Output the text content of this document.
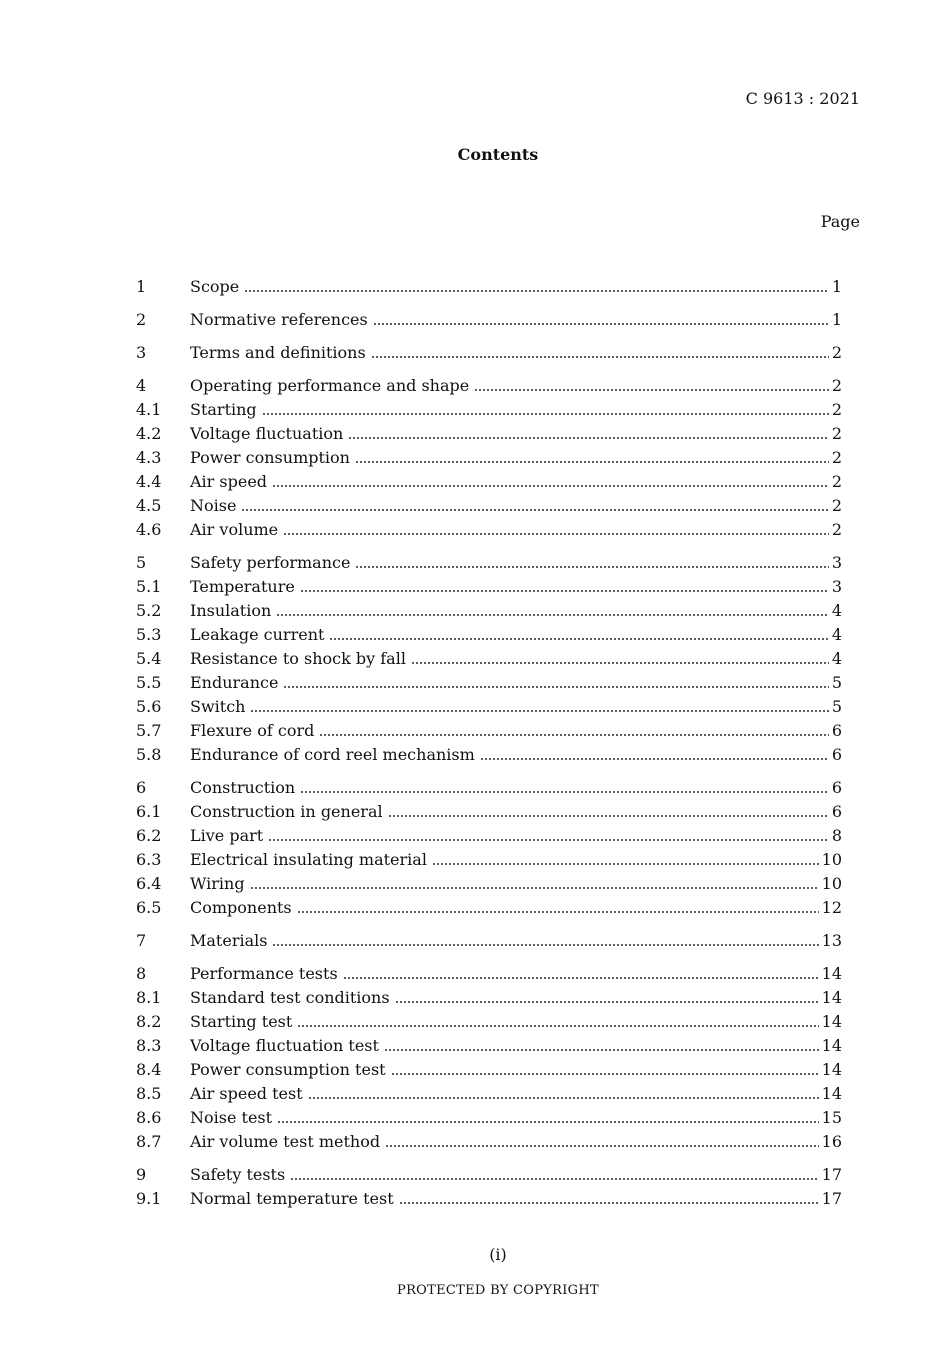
C 9613 : 2021
Contents
Page
1	Scope	1
2	Normative references	1
3	Terms and definitions	2
4	Operating performance and shape	2
4.1	Starting	2
4.2	Voltage fluctuation	2
4.3	Power consumption	2
4.4	Air speed	2
4.5	Noise	2
4.6	Air volume	2
5	Safety performance	3
5.1	Temperature	3
5.2	Insulation	4
5.3	Leakage current	4
5.4	Resistance to shock by fall	4
5.5	Endurance	5
5.6	Switch	5
5.7	Flexure of cord	6
5.8	Endurance of cord reel mechanism	6
6	Construction	6
6.1	Construction in general	6
6.2	Live part	8
6.3	Electrical insulating material	10
6.4	Wiring	10
6.5	Components	12
7	Materials	13
8	Performance tests	14
8.1	Standard test conditions	14
8.2	Starting test	14
8.3	Voltage fluctuation test	14
8.4	Power consumption test	14
8.5	Air speed test	14
8.6	Noise test	15
8.7	Air volume test method	16
9	Safety tests	17
9.1	Normal temperature test	17
(i)
PROTECTED BY COPYRIGHT
